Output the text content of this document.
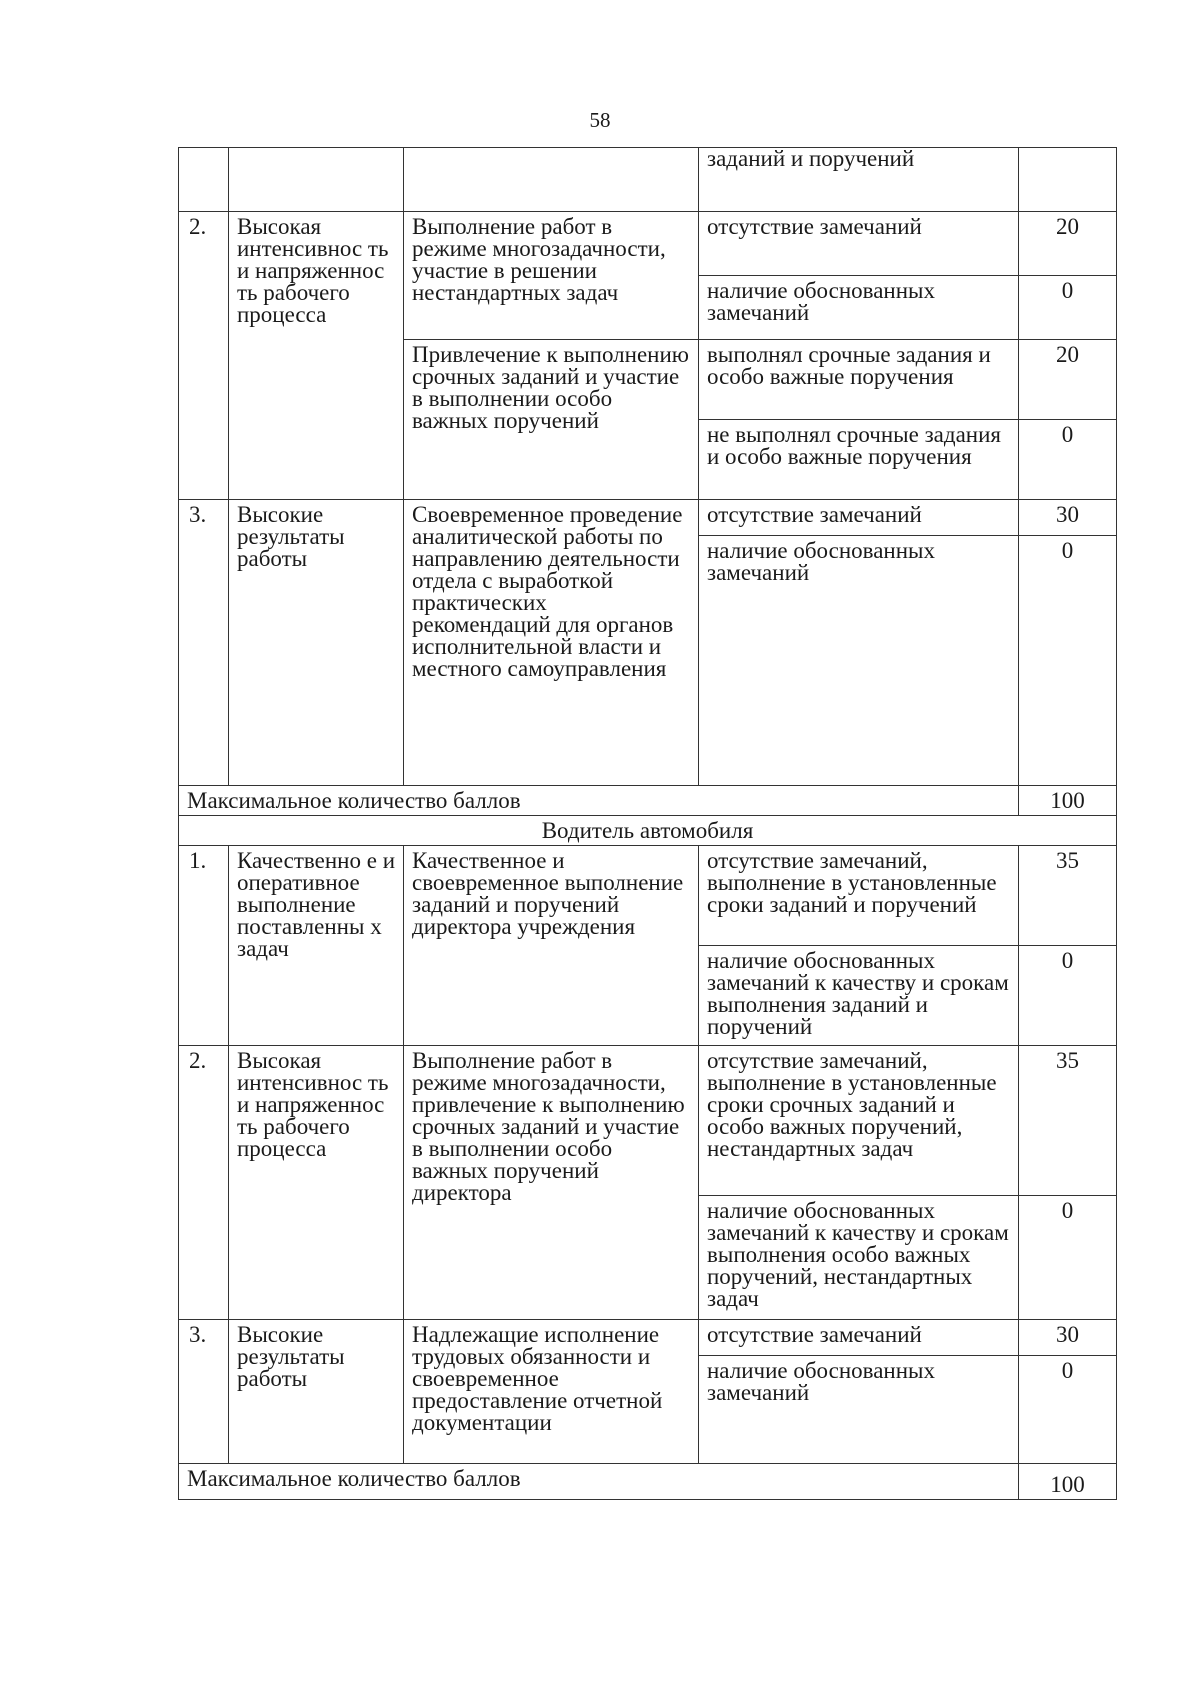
58
			заданий и поручений	
2.	Высокая интенсивнос ть и напряженнос ть рабочего процесса	Выполнение работ в режиме многозадачности, участие в решении нестандартных задач	отсутствие замечаний	20
			наличие обоснованных замечаний	0
		Привлечение к выполнению срочных заданий и участие в выполнении особо важных поручений	выполнял срочные задания и особо важные поручения	20
			не выполнял срочные задания и особо важные поручения	0
3.	Высокие результаты работы	Своевременное проведение аналитической работы по направлению деятельности отдела с выработкой практических рекомендаций для органов исполнительной власти и местного самоуправления	отсутствие замечаний	30
			наличие обоснованных замечаний	0
Максимальное количество баллов				100
Водитель автомобиля				
1.	Качественно е и оперативное выполнение поставленны х задач	Качественное и своевременное выполнение заданий и поручений директора учреждения	отсутствие замечаний, выполнение в установленные сроки заданий и поручений	35
			наличие обоснованных замечаний к качеству и срокам выполнения заданий и поручений	0
2.	Высокая интенсивнос ть и напряженнос ть рабочего процесса	Выполнение работ в режиме многозадачности, привлечение к выполнению срочных заданий и участие в выполнении особо важных поручений директора	отсутствие замечаний, выполнение в установленные сроки срочных заданий и особо важных поручений, нестандартных задач	35
			наличие обоснованных замечаний к качеству и срокам выполнения особо важных поручений, нестандартных задач	0
3.	Высокие результаты работы	Надлежащие исполнение трудовых обязанности и своевременное предоставление отчетной документации	отсутствие замечаний	30
			наличие обоснованных замечаний	0
Максимальное количество баллов				100
